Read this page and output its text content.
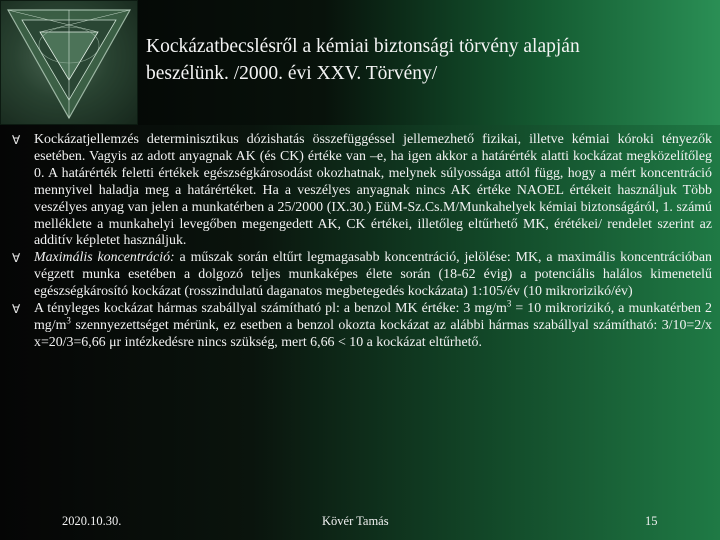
Kockázatbecslésről a kémiai biztonsági törvény alapján
beszélünk. /2000. évi XXV. Törvény/

∀ Kockázatjellemzés determinisztikus dózishatás összefüggéssel jellemezhető fizikai, illetve kémiai kóroki tényezők esetében. Vagyis az adott anyagnak AK (és CK) értéke van –e, ha igen akkor a határérték alatti kockázat megközelítőleg 0. A határérték feletti értékek egészségkárosodást okozhatnak, melynek súlyossága attól függ, hogy a mért koncentráció mennyivel haladja meg a határértéket. Ha a veszélyes anyagnak nincs AK értéke NAOEL értékeit használjuk Több veszélyes anyag van jelen a munkatérben a 25/2000 (IX.30.) EüM-Sz.Cs.M/Munkahelyek kémiai biztonságáról, 1. számú melléklete a munkahelyi levegőben megengedett AK, CK értékei, illetőleg eltűrhető MK, érétékei/ rendelet szerint az additív képletet használjuk.

∀ Maximális koncentráció: a műszak során eltűrt legmagasabb koncentráció, jelölése: MK, a maximális koncentrációban végzett munka esetében a dolgozó teljes munkaképes élete során (18-62 évig) a potenciális halálos kimenetelű egészségkárosító kockázat (rosszindulatú daganatos megbetegedés kockázata) 1:105/év (10 mikrorizikó/év)

∀ A tényleges kockázat hármas szabállyal számítható pl: a benzol MK értéke: 3 $mg/m^3 = 10$ mikrorizikó, a munkatérben 2 $mg/m^3$ szennyezettséget mérünk, ez esetben a benzol okozta kockázat az alábbi hármas szabállyal számítható: 3/10=2/x x=20/3=6,66 μr intézkedésre nincs szükség, mert 6,66 < 10 a kockázat eltűrhető.

2020.10.30.	Kövér Tamás	15
